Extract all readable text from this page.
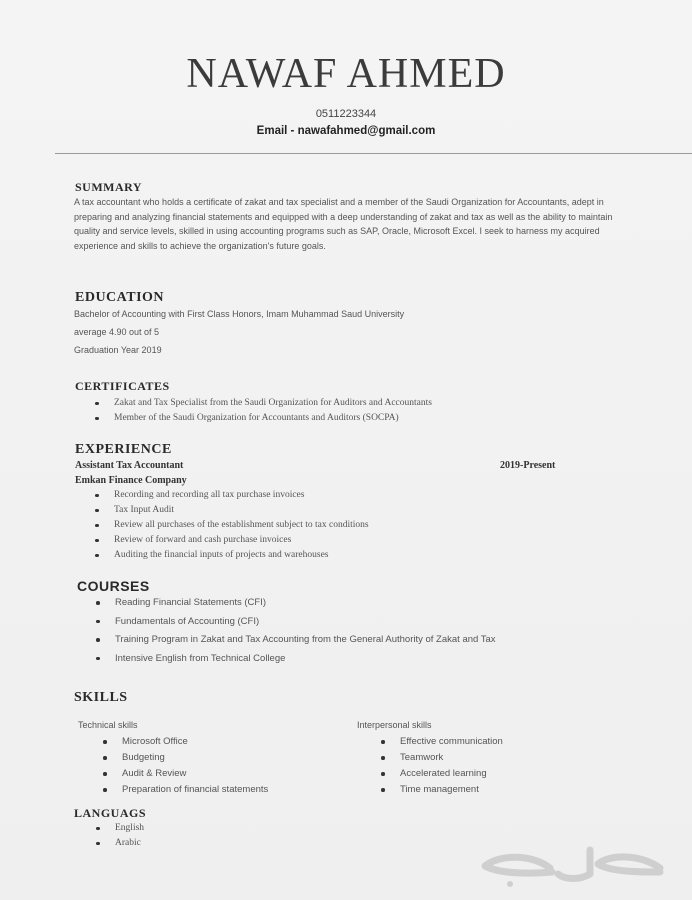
NAWAF AHMED
0511223344
Email - nawafahmed@gmail.com
SUMMARY
A tax accountant who holds a certificate of zakat and tax specialist and a member of the Saudi Organization for Accountants, adept in preparing and analyzing financial statements and equipped with a deep understanding of zakat and tax as well as the ability to maintain quality and service levels, skilled in using accounting programs such as SAP, Oracle, Microsoft Excel. I seek to harness my acquired experience and skills to achieve the organization's future goals.
EDUCATION
Bachelor of Accounting with First Class Honors, Imam Muhammad Saud University
average 4.90 out of 5
Graduation Year 2019
CERTIFICATES
Zakat and Tax Specialist from the Saudi Organization for Auditors and Accountants
Member of the Saudi Organization for Accountants and Auditors (SOCPA)
EXPERIENCE
Assistant Tax Accountant	2019-Present
Emkan Finance Company
Recording and recording all tax purchase invoices
Tax Input Audit
Review all purchases of the establishment subject to tax conditions
Review of forward and cash purchase invoices
Auditing the financial inputs of projects and warehouses
COURSES
Reading Financial Statements (CFI)
Fundamentals of Accounting (CFI)
Training Program in Zakat and Tax Accounting from the General Authority of Zakat and Tax
Intensive English from Technical College
SKILLS
Technical skills
Microsoft Office
Budgeting
Audit & Review
Preparation of financial statements
Interpersonal skills
Effective communication
Teamwork
Accelerated learning
Time management
LANGUAGS
English
Arabic
